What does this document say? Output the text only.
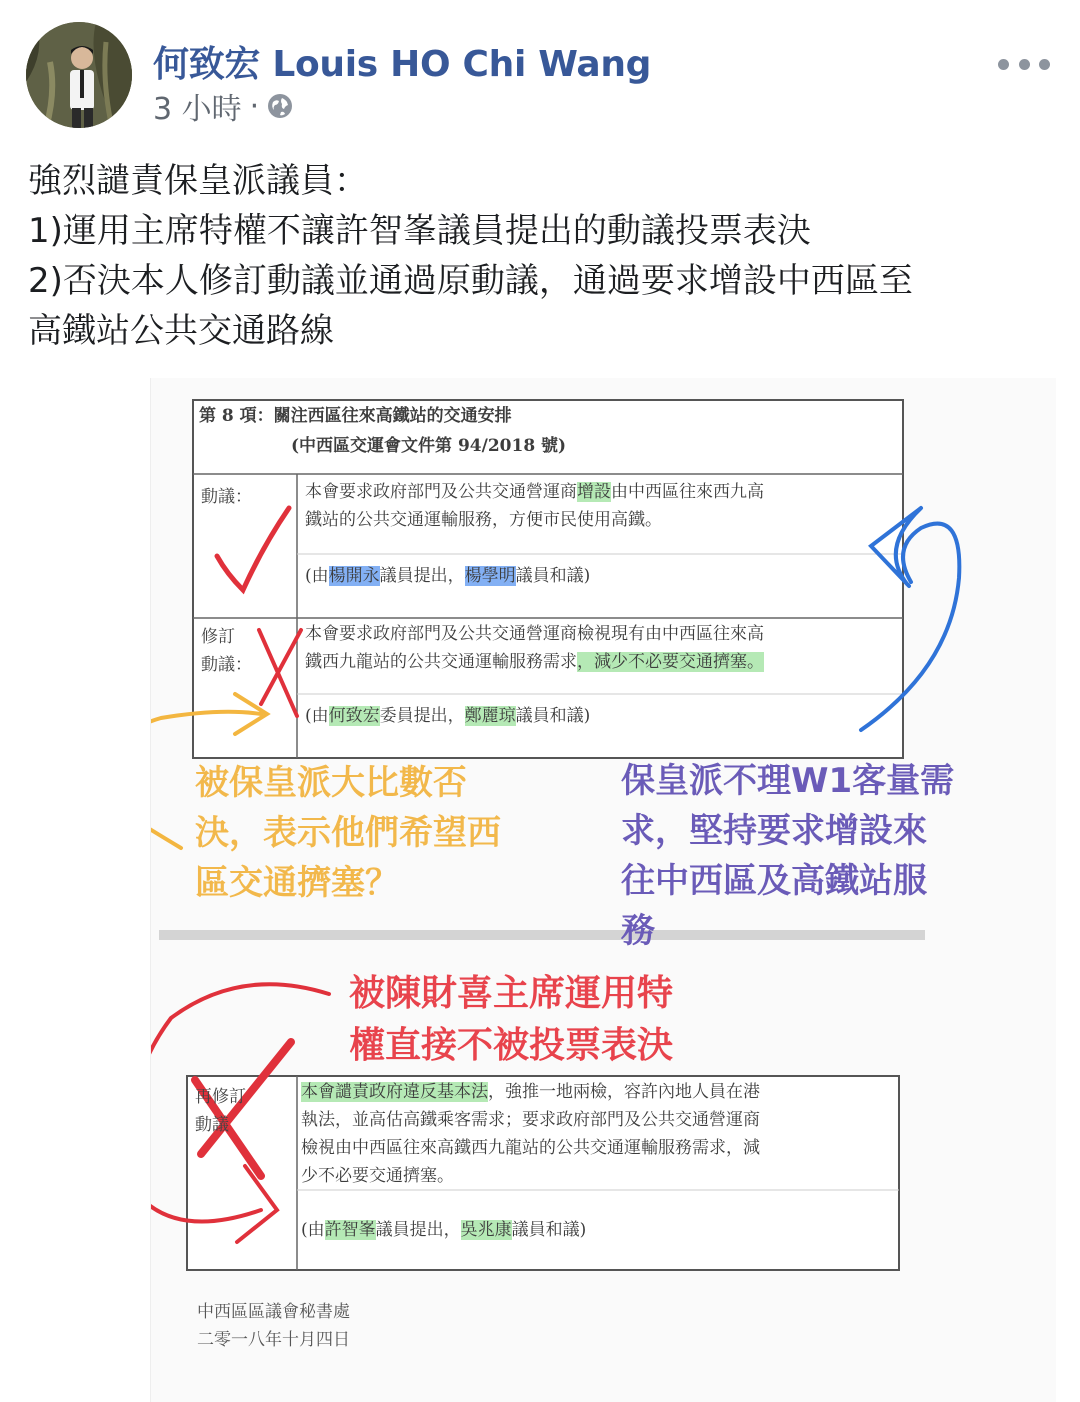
何致宏 Louis HO Chi Wang
3 小時 ·
強烈譴責保皇派議員：
1)運用主席特權不讓許智峯議員提出的動議投票表決
2)否決本人修訂動議並通過原動議，通過要求增設中西區至
高鐵站公共交通路線
第 8 項：關注西區往來高鐵站的交通安排
(中西區交運會文件第 94/2018 號)
動議：	本會要求政府部門及公共交通營運商增設由中西區往來西九高
鐵站的公共交通運輸服務，方便市民使用高鐵。
(由楊開永議員提出，楊學明議員和議)
修訂
動議：
本會要求政府部門及公共交通營運商檢視現有由中西區往來高
鐵西九龍站的公共交通運輸服務需求，減少不必要交通擠塞。
(由何致宏委員提出，鄭麗琼議員和議)
被保皇派大比數否
決，表示他們希望西
區交通擠塞？
保皇派不理W1客量需
求，堅持要求增設來
往中西區及高鐵站服
務
被陳財喜主席運用特
權直接不被投票表決
再修訂
動議
本會譴責政府違反基本法，強推一地兩檢，容許內地人員在港
執法，並高估高鐵乘客需求；要求政府部門及公共交通營運商
檢視由中西區往來高鐵西九龍站的公共交通運輸服務需求，減
少不必要交通擠塞。
(由許智峯議員提出，吳兆康議員和議)
中西區區議會秘書處
二零一八年十月四日
